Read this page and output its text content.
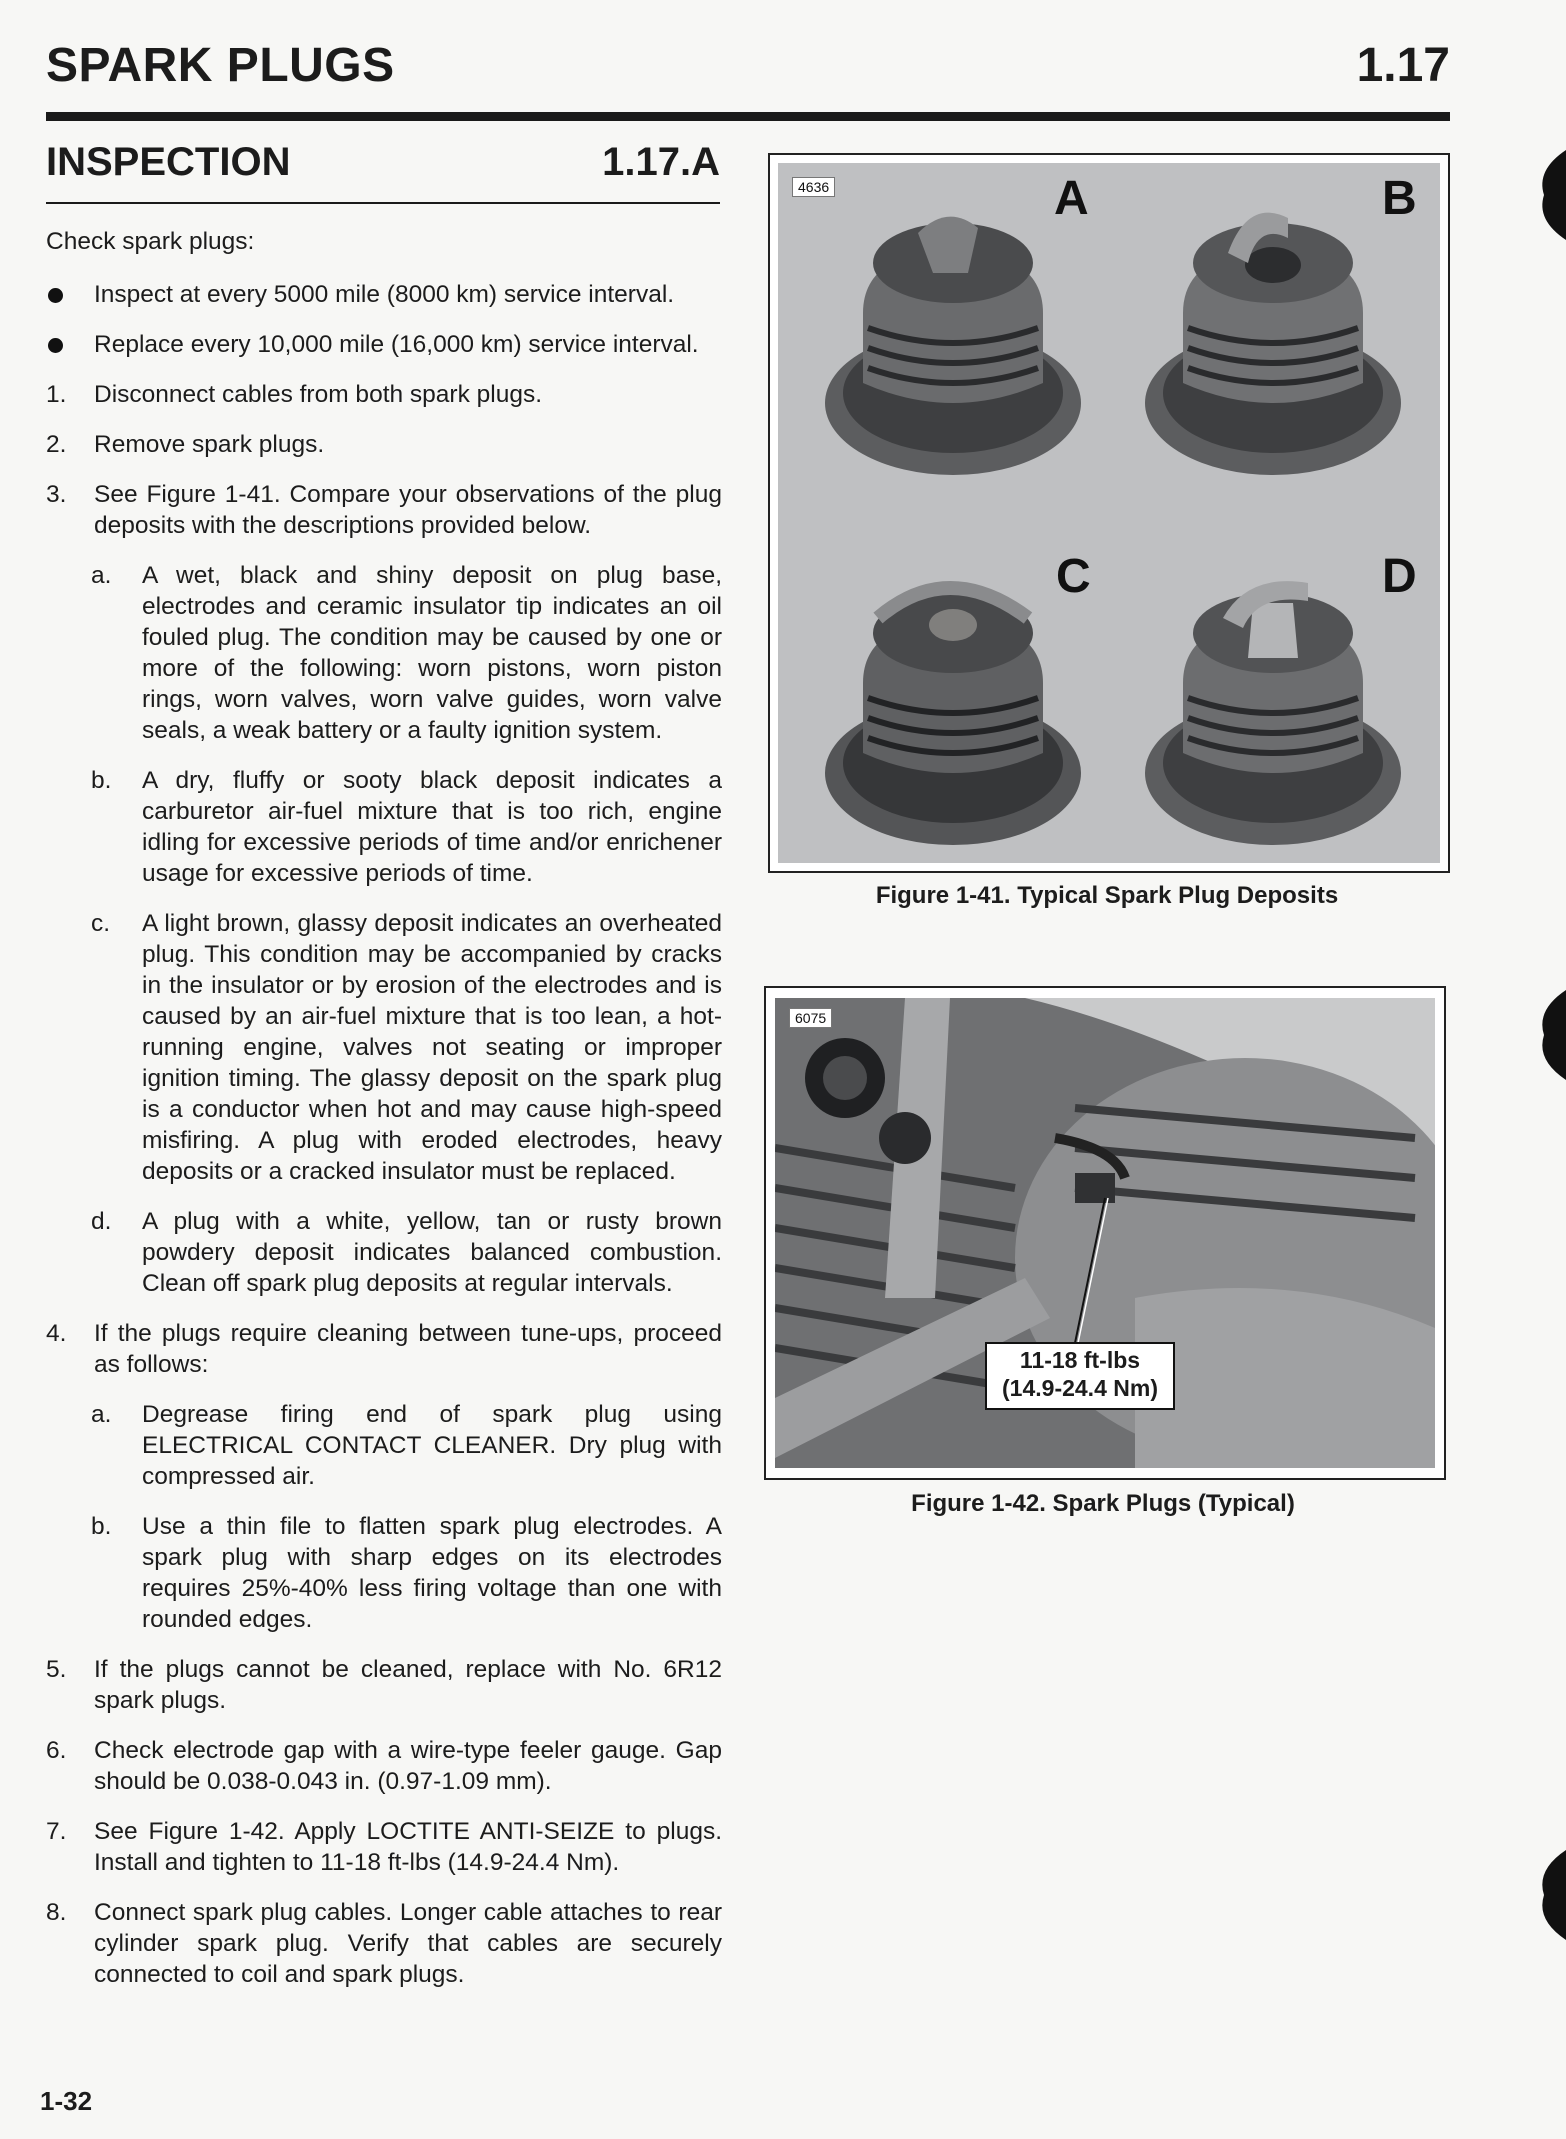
SPARK PLUGS	1.17
INSPECTION	1.17.A

Check spark plugs:

Inspect at every 5000 mile (8000 km) service interval.
Replace every 10,000 mile (16,000 km) service interval.
1. Disconnect cables from both spark plugs.
2. Remove spark plugs.
3. See Figure 1-41. Compare your observations of the plug deposits with the descriptions provided below.
a. A wet, black and shiny deposit on plug base, electrodes and ceramic insulator tip indicates an oil fouled plug. The condition may be caused by one or more of the following: worn pistons, worn piston rings, worn valves, worn valve guides, worn valve seals, a weak battery or a faulty ignition system.
b. A dry, fluffy or sooty black deposit indicates a carburetor air-fuel mixture that is too rich, engine idling for excessive periods of time and/or enrichener usage for excessive periods of time.
c. A light brown, glassy deposit indicates an overheated plug. This condition may be accompanied by cracks in the insulator or by erosion of the electrodes and is caused by an air-fuel mixture that is too lean, a hot-running engine, valves not seating or improper ignition timing. The glassy deposit on the spark plug is a conductor when hot and may cause high-speed misfiring. A plug with eroded electrodes, heavy deposits or a cracked insulator must be replaced.
d. A plug with a white, yellow, tan or rusty brown powdery deposit indicates balanced combustion. Clean off spark plug deposits at regular intervals.
4. If the plugs require cleaning between tune-ups, proceed as follows:
a. Degrease firing end of spark plug using ELECTRICAL CONTACT CLEANER. Dry plug with compressed air.
b. Use a thin file to flatten spark plug electrodes. A spark plug with sharp edges on its electrodes requires 25%-40% less firing voltage than one with rounded edges.
5. If the plugs cannot be cleaned, replace with No. 6R12 spark plugs.
6. Check electrode gap with a wire-type feeler gauge. Gap should be 0.038-0.043 in. (0.97-1.09 mm).
7. See Figure 1-42. Apply LOCTITE ANTI-SEIZE to plugs. Install and tighten to 11-18 ft-lbs (14.9-24.4 Nm).
8. Connect spark plug cables. Longer cable attaches to rear cylinder spark plug. Verify that cables are securely connected to coil and spark plugs.
4636	A	B
C	D
Figure 1-41. Typical Spark Plug Deposits
6075
11-18 ft-lbs
(14.9-24.4 Nm)
Figure 1-42. Spark Plugs (Typical)
1-32
